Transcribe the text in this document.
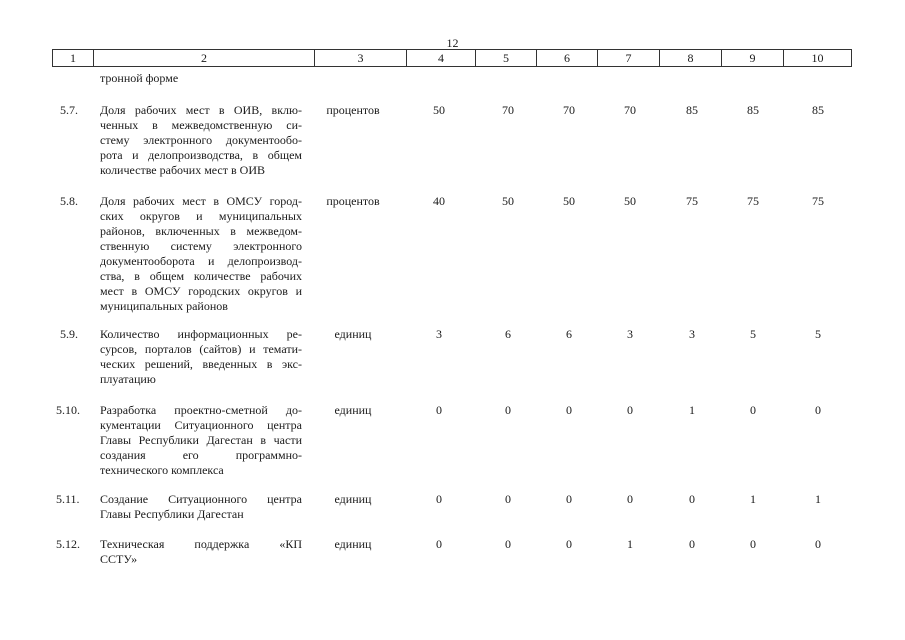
12
1	2	3	4	5	6	7	8	9	10
тронной форме
5.7.	Доля рабочих мест в ОИВ, вклю-
ченных в межведомственную си-
стему электронного документообо-
рота и делопроизводства, в общем
количестве рабочих мест в ОИВ
процентов	50	70	70	70	85	85	85
5.8.	Доля рабочих мест в ОМСУ город-
ских округов и муниципальных
районов, включенных в межведом-
ственную систему электронного
документооборота и делопроизвод-
ства, в общем количестве рабочих
мест в ОМСУ городских округов и
муниципальных районов
процентов	40	50	50	50	75	75	75
5.9.	Количество информационных ре-
сурсов, порталов (сайтов) и темати-
ческих решений, введенных в экс-
плуатацию
единиц	3	6	6	3	3	5	5
5.10.	Разработка проектно-сметной до-
кументации Ситуационного центра
Главы Республики Дагестан в части
создания его программно-
технического комплекса
единиц	0	0	0	0	1	0	0
5.11.	Создание Ситуационного центра
Главы Республики Дагестан
единиц	0	0	0	0	0	1	1
5.12.	Техническая поддержка «КП
ССТУ»
единиц	0	0	0	1	0	0	0
